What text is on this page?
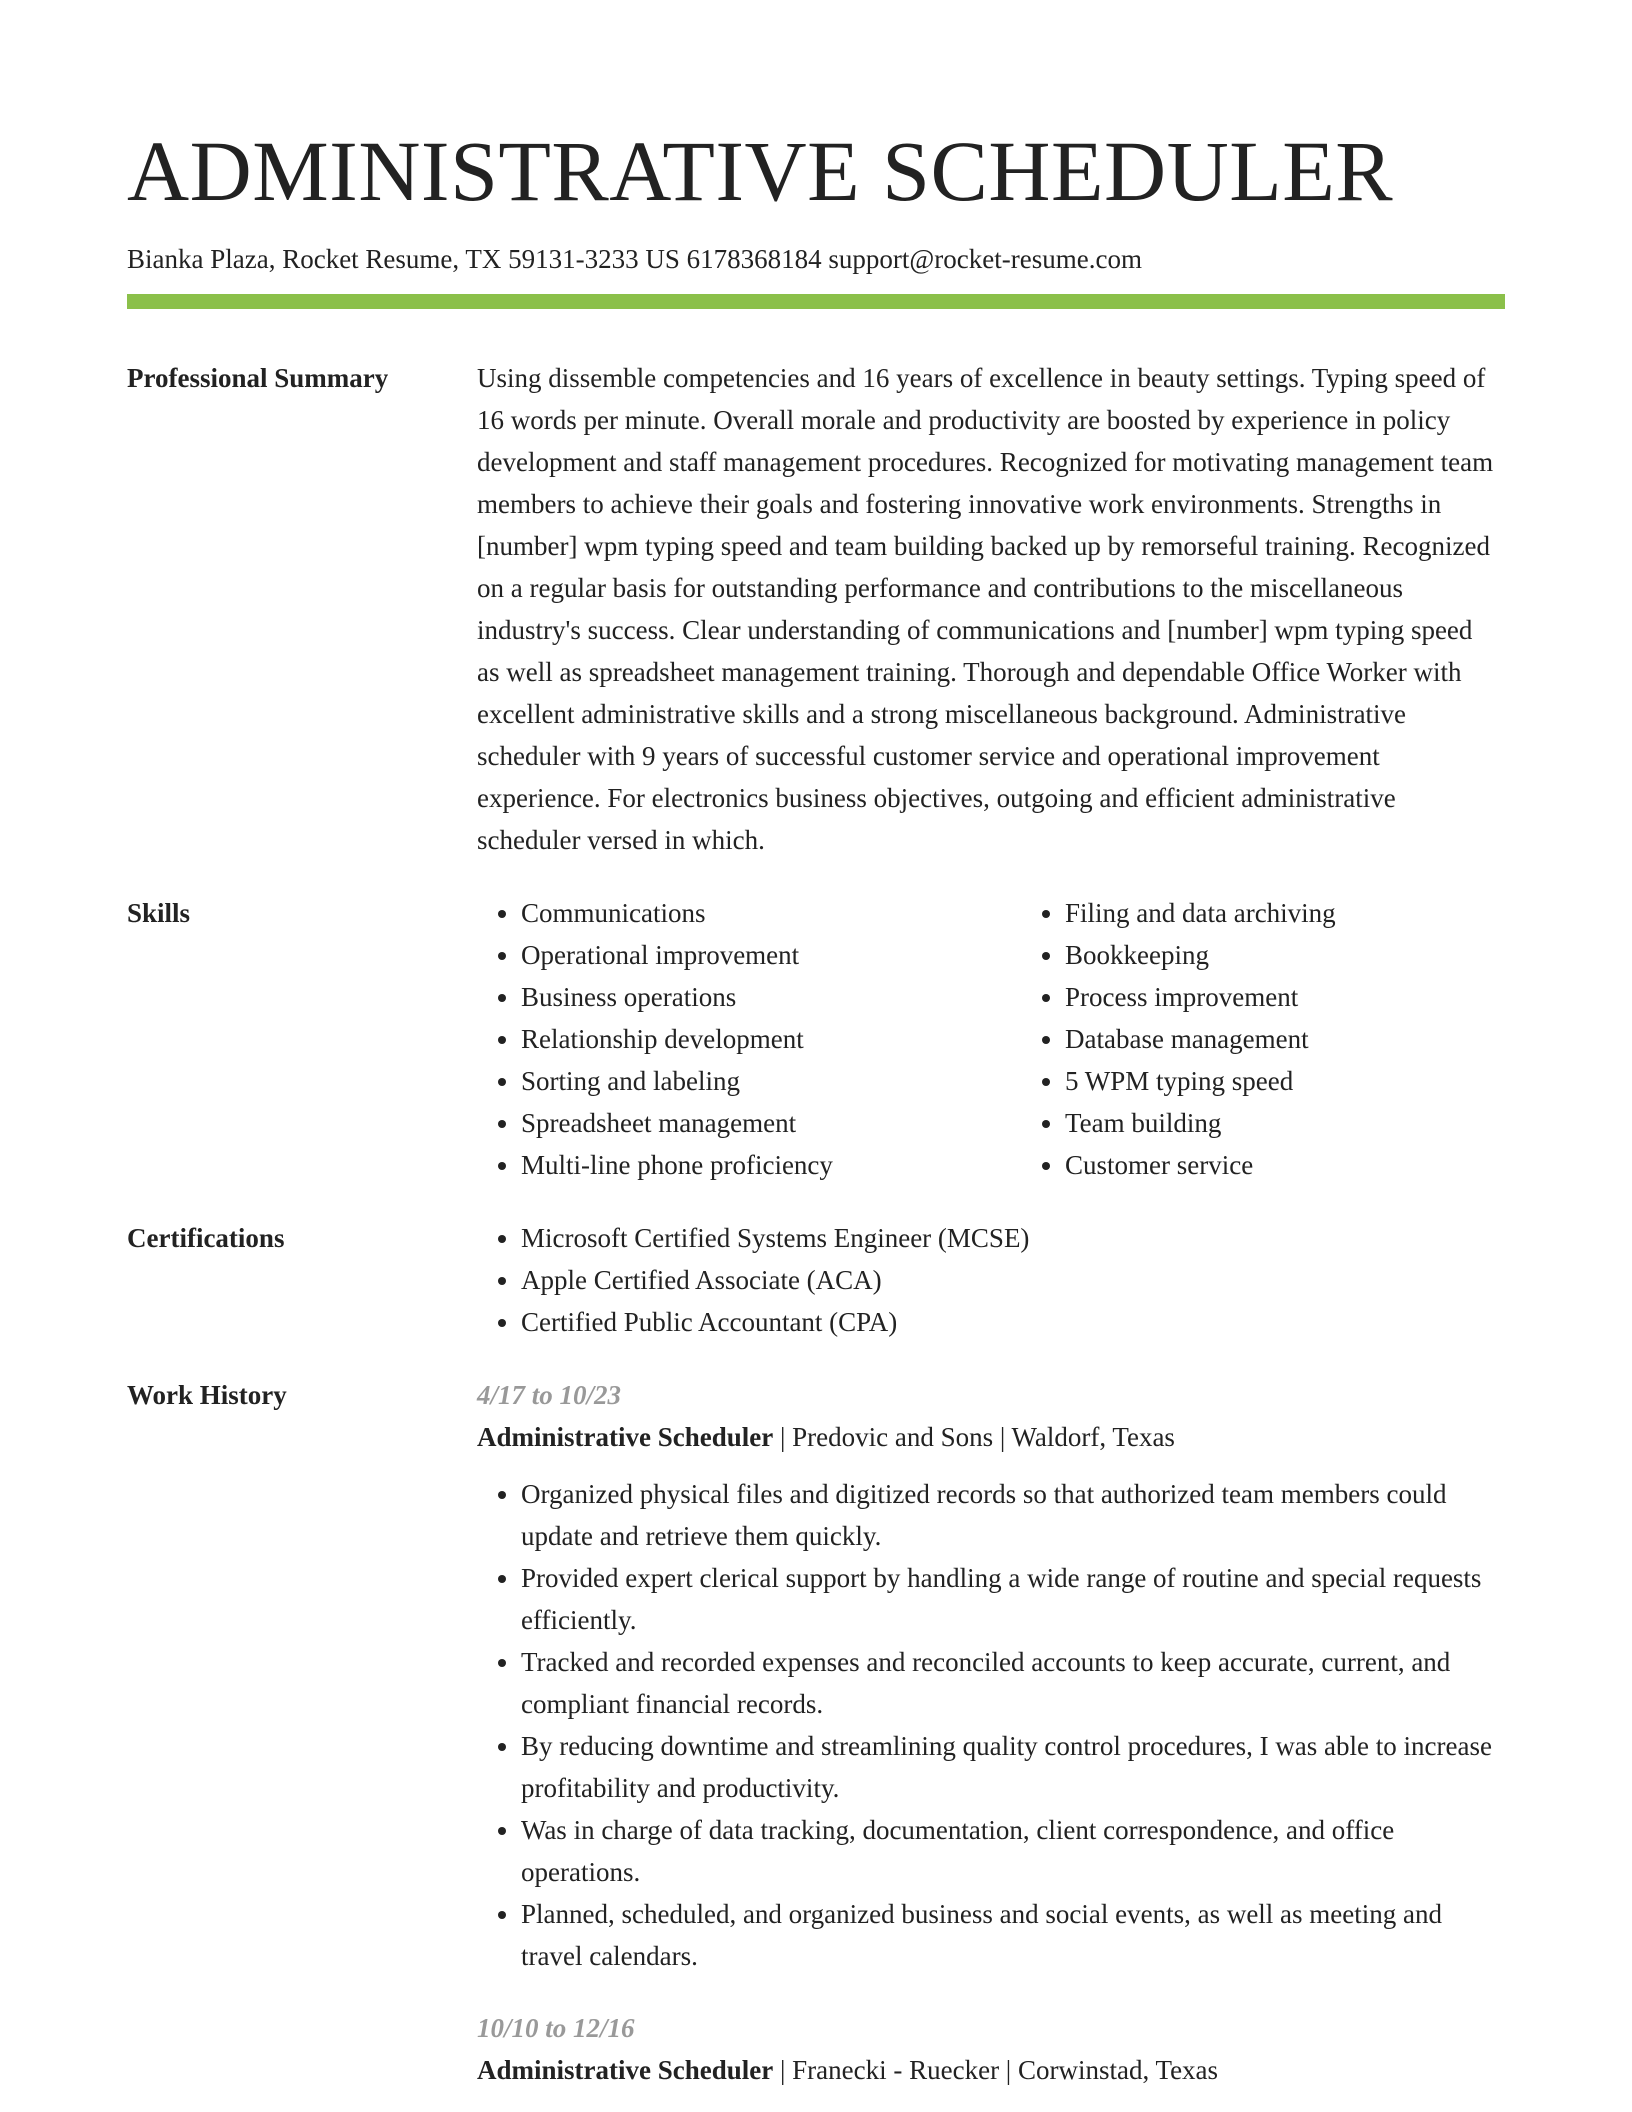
ADMINISTRATIVE SCHEDULER
Bianka Plaza, Rocket Resume, TX 59131-3233 US 6178368184 support@rocket-resume.com
Professional Summary	Using dissemble competencies and 16 years of excellence in beauty settings. Typing speed of 16 words per minute. Overall morale and productivity are boosted by experience in policy development and staff management procedures. Recognized for motivating management team members to achieve their goals and fostering innovative work environments. Strengths in [number] wpm typing speed and team building backed up by remorseful training. Recognized on a regular basis for outstanding performance and contributions to the miscellaneous industry's success. Clear understanding of communications and [number] wpm typing speed as well as spreadsheet management training. Thorough and dependable Office Worker with excellent administrative skills and a strong miscellaneous background. Administrative scheduler with 9 years of successful customer service and operational improvement experience. For electronics business objectives, outgoing and efficient administrative scheduler versed in which.
Skills	• Communications
• Operational improvement
• Business operations
• Relationship development
• Sorting and labeling
• Spreadsheet management
• Multi-line phone proficiency
• Filing and data archiving
• Bookkeeping
• Process improvement
• Database management
• 5 WPM typing speed
• Team building
• Customer service
Certifications	• Microsoft Certified Systems Engineer (MCSE)
• Apple Certified Associate (ACA)
• Certified Public Accountant (CPA)
Work History	4/17 to 10/23
Administrative Scheduler | Predovic and Sons | Waldorf, Texas
• Organized physical files and digitized records so that authorized team members could update and retrieve them quickly.
• Provided expert clerical support by handling a wide range of routine and special requests efficiently.
• Tracked and recorded expenses and reconciled accounts to keep accurate, current, and compliant financial records.
• By reducing downtime and streamlining quality control procedures, I was able to increase profitability and productivity.
• Was in charge of data tracking, documentation, client correspondence, and office operations.
• Planned, scheduled, and organized business and social events, as well as meeting and travel calendars.
10/10 to 12/16
Administrative Scheduler | Franecki - Ruecker | Corwinstad, Texas
